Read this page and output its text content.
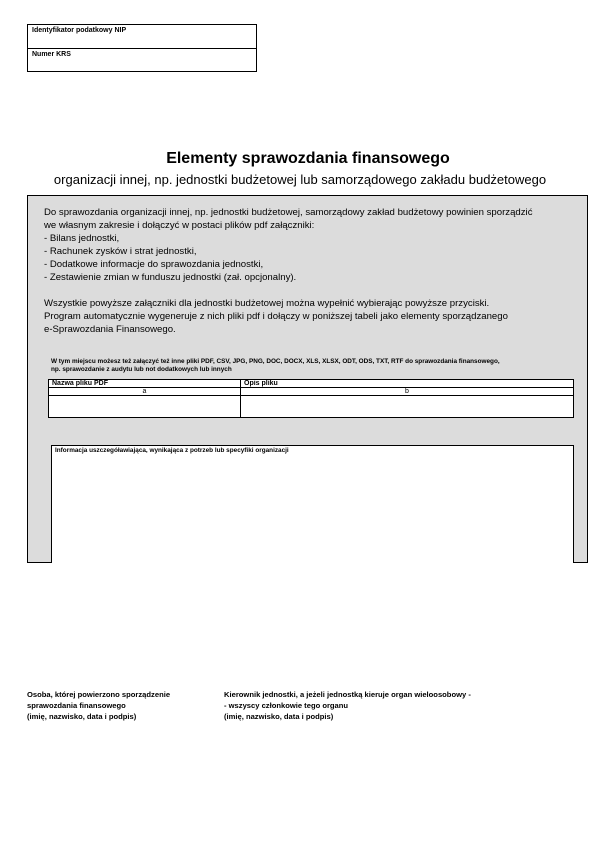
Identyfikator podatkowy NIP
Numer KRS
Elementy sprawozdania finansowego
organizacji innej, np. jednostki budżetowej lub samorządowego zakładu budżetowego

Do sprawozdania organizacji innej, np. jednostki budżetowej, samorządowy zakład budżetowy powinien sporządzić
we własnym zakresie i dołączyć w postaci plików pdf załączniki:
- Bilans jednostki,
- Rachunek zysków i strat jednostki,
- Dodatkowe informacje do sprawozdania jednostki,
- Zestawienie zmian w funduszu jednostki (zał. opcjonalny).

Wszystkie powyższe załączniki dla jednostki budżetowej można wypełnić wybierając powyższe przyciski.
Program automatycznie wygeneruje z nich pliki pdf i dołączy w poniższej tabeli jako elementy sporządzanego
e-Sprawozdania Finansowego.

W tym miejscu możesz też załączyć też inne pliki PDF, CSV, JPG, PNG, DOC, DOCX, XLS, XLSX, ODT, ODS, TXT, RTF do sprawozdania finansowego,
np. sprawozdanie z audytu lub not dodatkowych lub innych
Nazwa pliku PDF	Opis pliku
a	b

Informacja uszczegóławiająca, wynikająca z potrzeb lub specyfiki organizacji
Osoba, której powierzono sporządzenie
sprawozdania finansowego
(imię, nazwisko, data i podpis)
Kierownik jednostki, a jeżeli jednostką kieruje organ wieloosobowy -
- wszyscy członkowie tego organu
(imię, nazwisko, data i podpis)
